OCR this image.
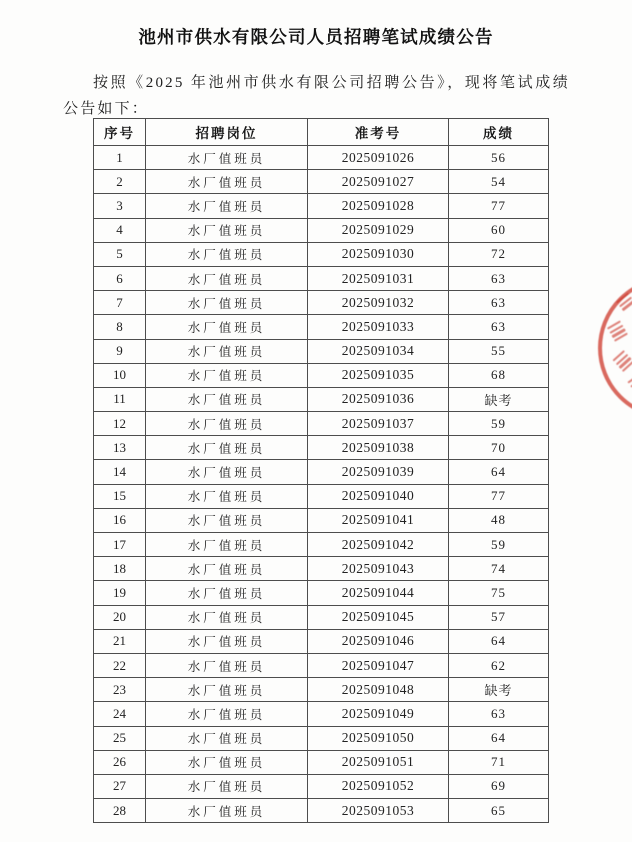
池州市供水有限公司人员招聘笔试成绩公告
按照《2025 年池州市供水有限公司招聘公告》，现将笔试成绩公告如下：
序号	招聘岗位	准考号	成绩
1	水厂值班员	2025091026	56
2	水厂值班员	2025091027	54
3	水厂值班员	2025091028	77
4	水厂值班员	2025091029	60
5	水厂值班员	2025091030	72
6	水厂值班员	2025091031	63
7	水厂值班员	2025091032	63
8	水厂值班员	2025091033	63
9	水厂值班员	2025091034	55
10	水厂值班员	2025091035	68
11	水厂值班员	2025091036	缺考
12	水厂值班员	2025091037	59
13	水厂值班员	2025091038	70
14	水厂值班员	2025091039	64
15	水厂值班员	2025091040	77
16	水厂值班员	2025091041	48
17	水厂值班员	2025091042	59
18	水厂值班员	2025091043	74
19	水厂值班员	2025091044	75
20	水厂值班员	2025091045	57
21	水厂值班员	2025091046	64
22	水厂值班员	2025091047	62
23	水厂值班员	2025091048	缺考
24	水厂值班员	2025091049	63
25	水厂值班员	2025091050	64
26	水厂值班员	2025091051	71
27	水厂值班员	2025091052	69
28	水厂值班员	2025091053	65
